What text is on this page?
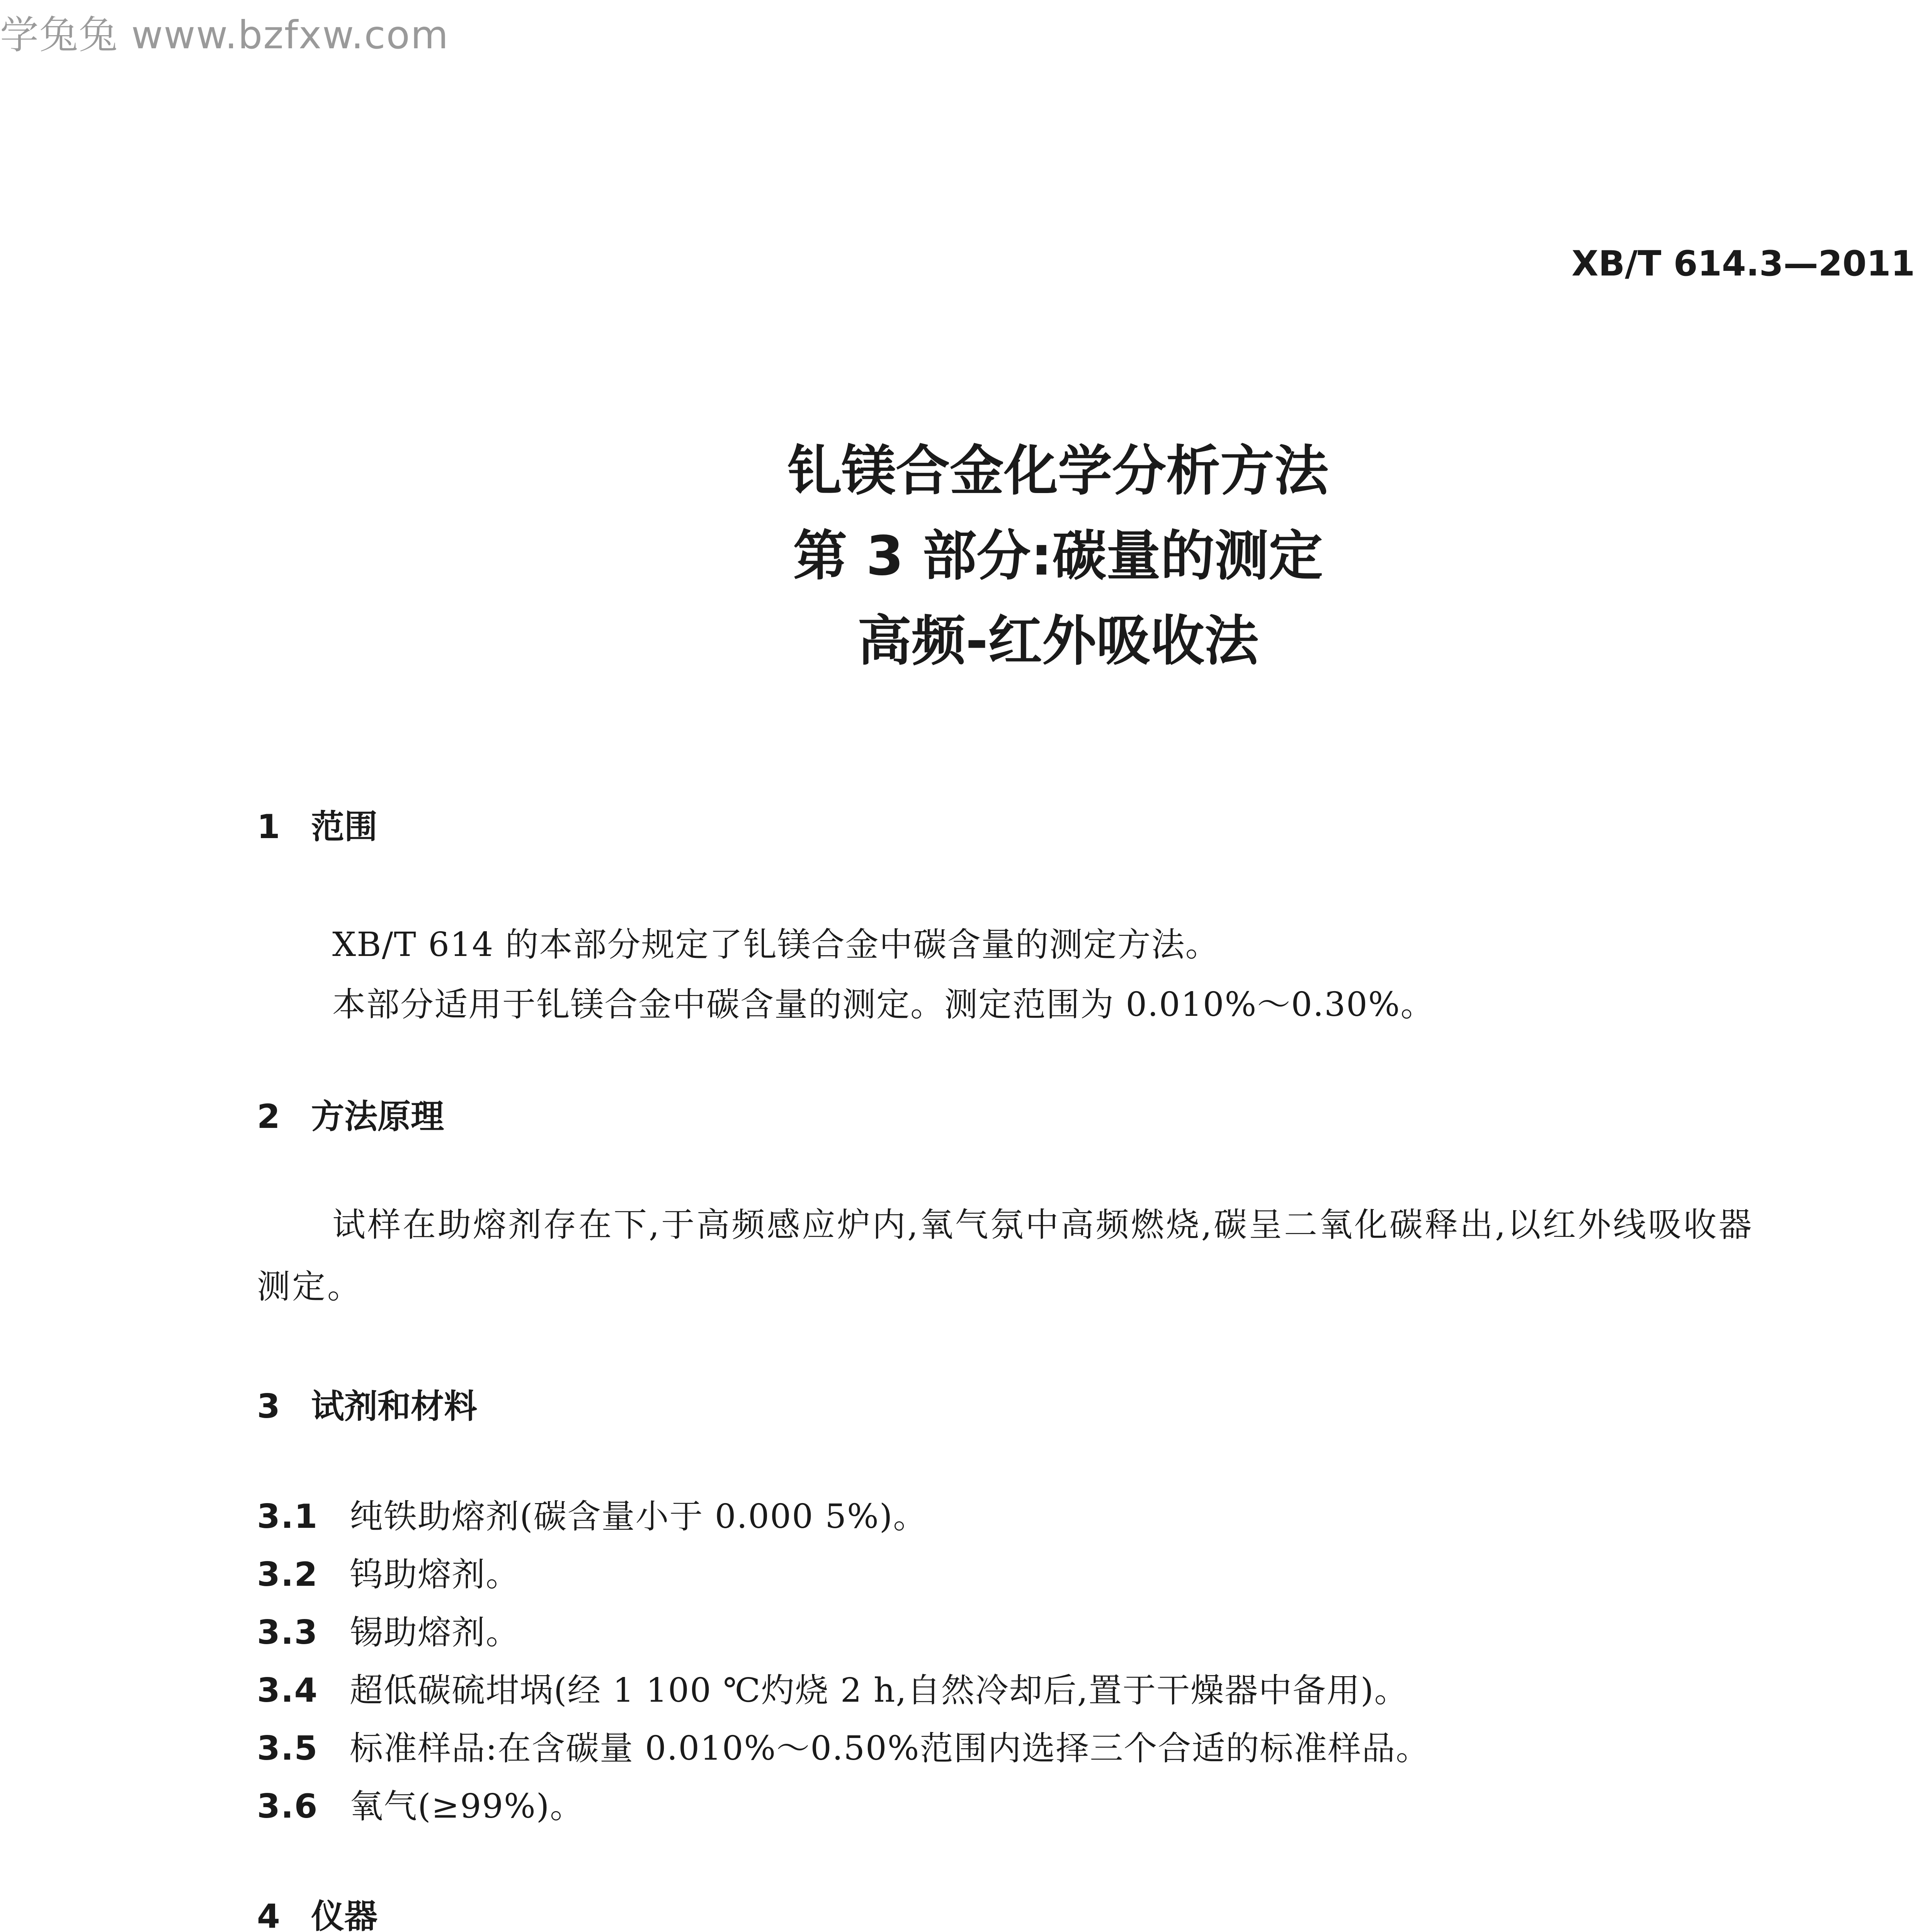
学兔兔 www.bzfxw.com
XB/T 614.3—2011
钆镁合金化学分析方法
第 3 部分:碳量的测定
高频-红外吸收法
1 范围
XB/T 614 的本部分规定了钆镁合金中碳含量的测定方法。
本部分适用于钆镁合金中碳含量的测定。测定范围为 0.010%～0.30%。
2 方法原理
试样在助熔剂存在下,于高频感应炉内,氧气氛中高频燃烧,碳呈二氧化碳释出,以红外线吸收器
测定。
3 试剂和材料
3.1 纯铁助熔剂(碳含量小于 0.000 5%)。
3.2 钨助熔剂。
3.3 锡助熔剂。
3.4 超低碳硫坩埚(经 1 100 ℃灼烧 2 h,自然冷却后,置于干燥器中备用)。
3.5 标准样品:在含碳量 0.010%～0.50%范围内选择三个合适的标准样品。
3.6 氧气(≥99%)。
4 仪器
